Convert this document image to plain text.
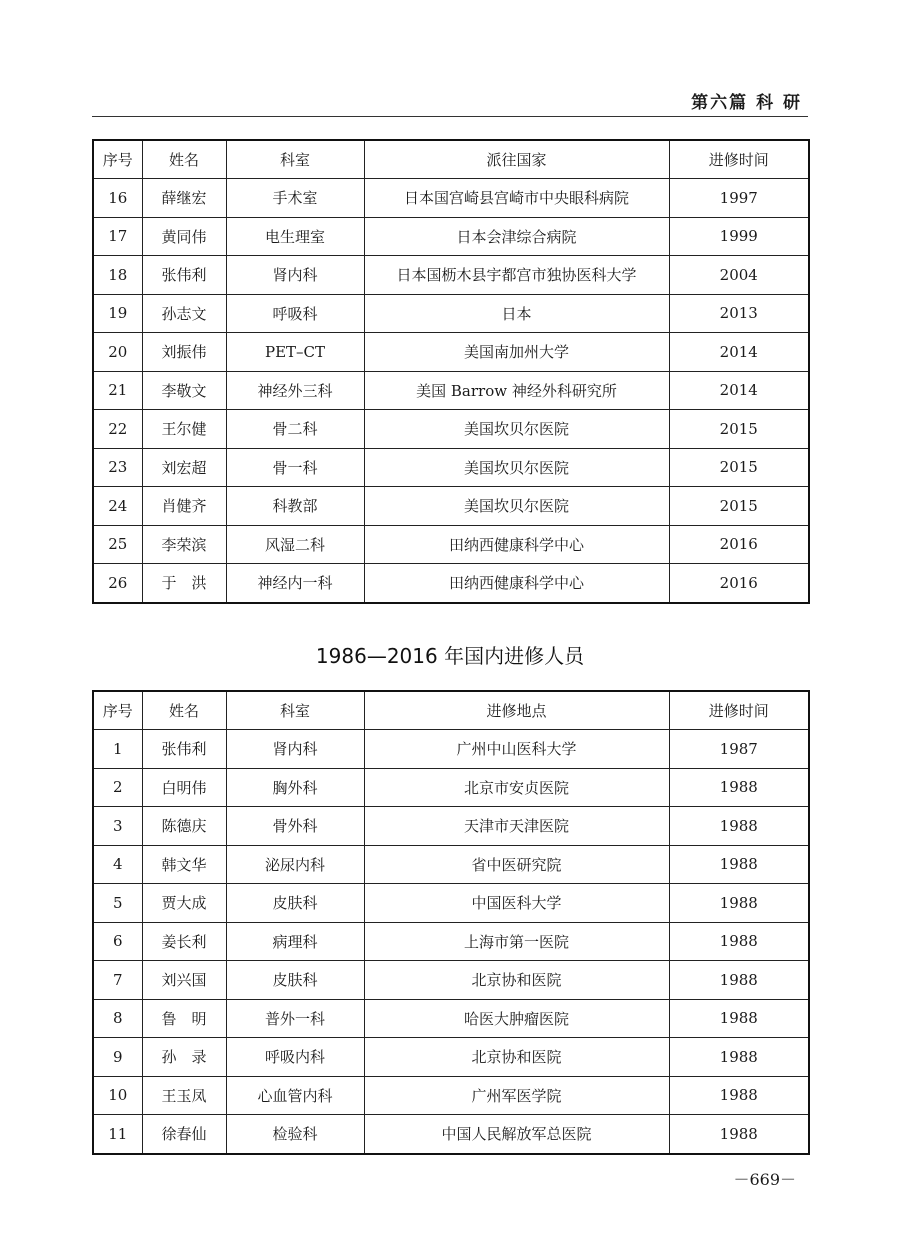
第六篇 科 研
序号	姓名	科室	派往国家	进修时间
16	薛继宏	手术室	日本国宫崎县宫崎市中央眼科病院	1997
17	黄同伟	电生理室	日本会津综合病院	1999
18	张伟利	肾内科	日本国枥木县宇都宫市独协医科大学	2004
19	孙志文	呼吸科	日本	2013
20	刘振伟	PET–CT	美国南加州大学	2014
21	李敬文	神经外三科	美国 Barrow 神经外科研究所	2014
22	王尔健	骨二科	美国坎贝尔医院	2015
23	刘宏超	骨一科	美国坎贝尔医院	2015
24	肖健齐	科教部	美国坎贝尔医院	2015
25	李荣滨	风湿二科	田纳西健康科学中心	2016
26	于　洪	神经内一科	田纳西健康科学中心	2016
1986—2016 年国内进修人员
序号	姓名	科室	进修地点	进修时间
1	张伟利	肾内科	广州中山医科大学	1987
2	白明伟	胸外科	北京市安贞医院	1988
3	陈德庆	骨外科	天津市天津医院	1988
4	韩文华	泌尿内科	省中医研究院	1988
5	贾大成	皮肤科	中国医科大学	1988
6	姜长利	病理科	上海市第一医院	1988
7	刘兴国	皮肤科	北京协和医院	1988
8	鲁　明	普外一科	哈医大肿瘤医院	1988
9	孙　录	呼吸内科	北京协和医院	1988
10	王玉凤	心血管内科	广州军医学院	1988
11	徐春仙	检验科	中国人民解放军总医院	1988
－669－
